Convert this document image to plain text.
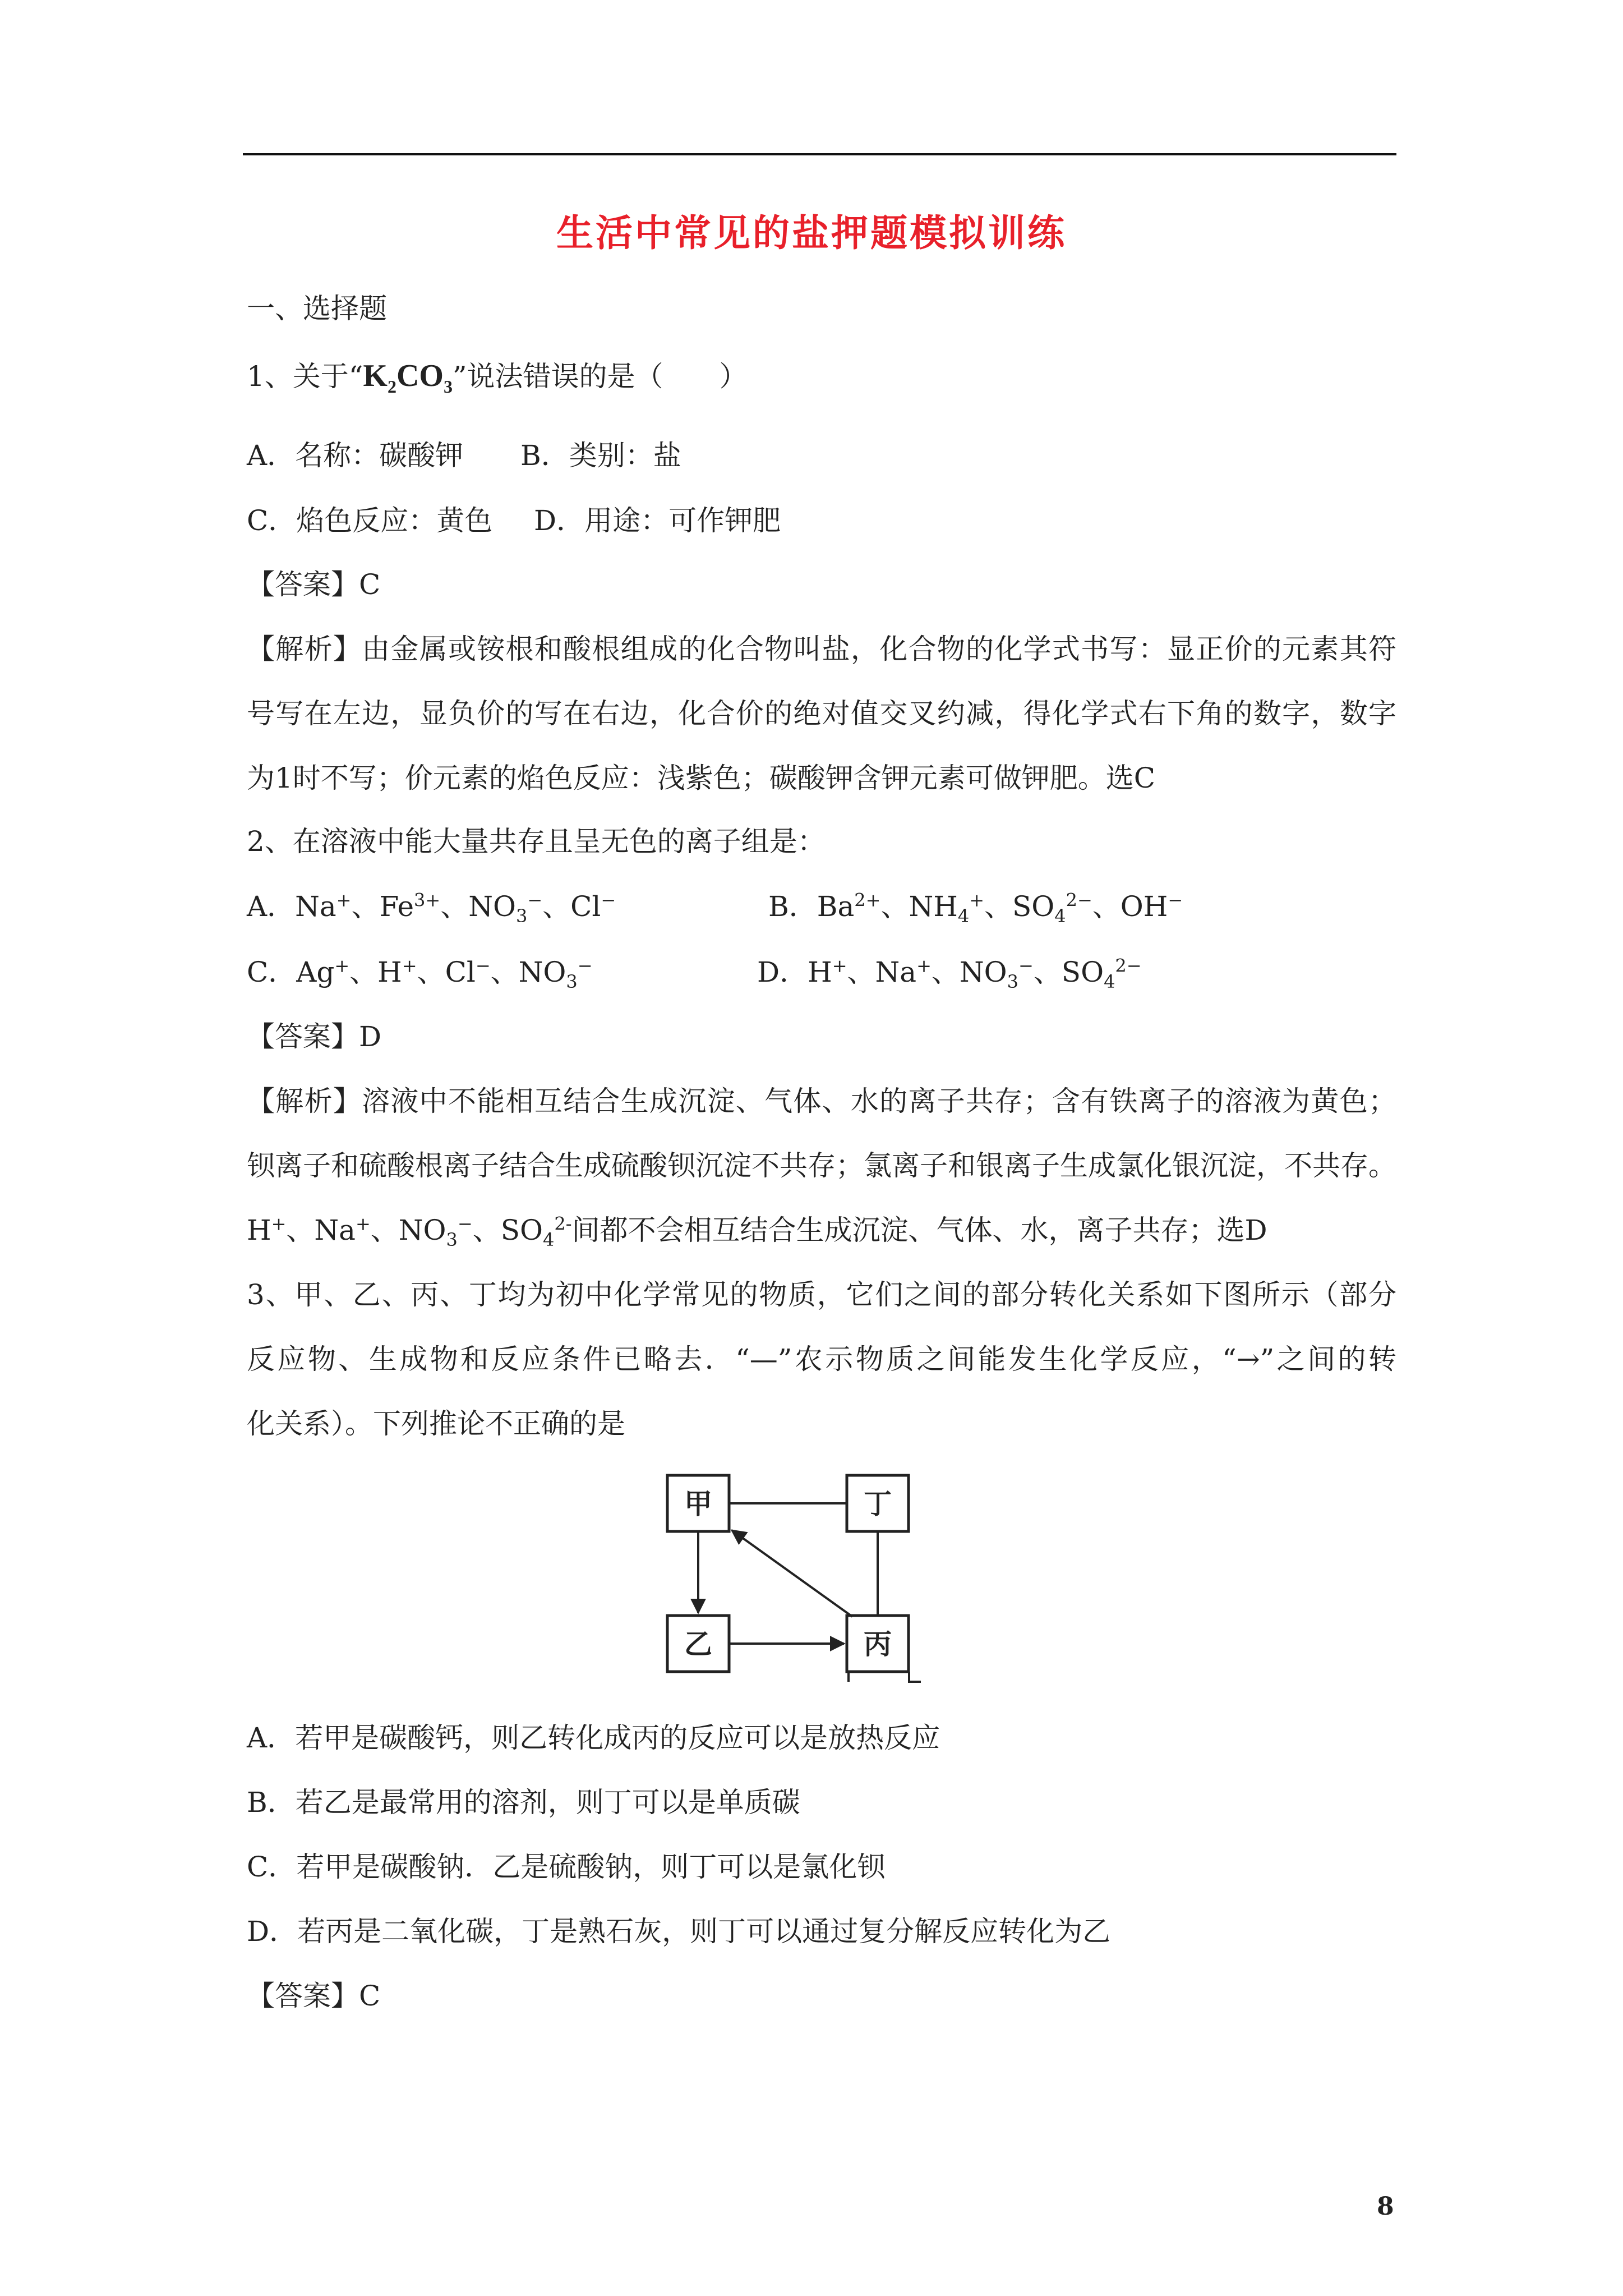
生活中常见的盐押题模拟训练
一、选择题
1、关于“$K_2CO_3$”说法错误的是（　　）
A．名称：碳酸钾 B．类别：盐
C．焰色反应：黄色 D．用途：可作钾肥
【答案】C
【解析】由金属或铵根和酸根组成的化合物叫盐，化合物的化学式书写：显正价的元素其符
号写在左边，显负价的写在右边，化合价的绝对值交叉约减，得化学式右下角的数字，数字
为1时不写；价元素的焰色反应：浅紫色；碳酸钾含钾元素可做钾肥。选C
2、在溶液中能大量共存且呈无色的离子组是：
A．Na+、$Fe^{3+}$、$NO_3^-$、Cl−	B．$Ba^{2+}$、$NH_4^+$、$SO_4^{2-}$、OH−
C．Ag+、H+、Cl−、$NO_3^-$	D．H+、Na+、$NO_3^-$、$SO_4^{2-}$
【答案】D
【解析】溶液中不能相互结合生成沉淀、气体、水的离子共存；含有铁离子的溶液为黄色；
钡离子和硫酸根离子结合生成硫酸钡沉淀不共存；氯离子和银离子生成氯化银沉淀，不共存。
H+、Na+、$NO_3^-$、$SO_4^{2-}$间都不会相互结合生成沉淀、气体、水，离子共存；选D
3、甲、乙、丙、丁均为初中化学常见的物质，它们之间的部分转化关系如下图所示（部分
反应物、生成物和反应条件已略去．“—”农示物质之间能发生化学反应，“→”之间的转
化关系）。下列推论不正确的是
甲	丁
乙	丙
A．若甲是碳酸钙，则乙转化成丙的反应可以是放热反应
B．若乙是最常用的溶剂，则丁可以是单质碳
C．若甲是碳酸钠．乙是硫酸钠，则丁可以是氯化钡
D．若丙是二氧化碳，丁是熟石灰，则丁可以通过复分解反应转化为乙
【答案】C
8
